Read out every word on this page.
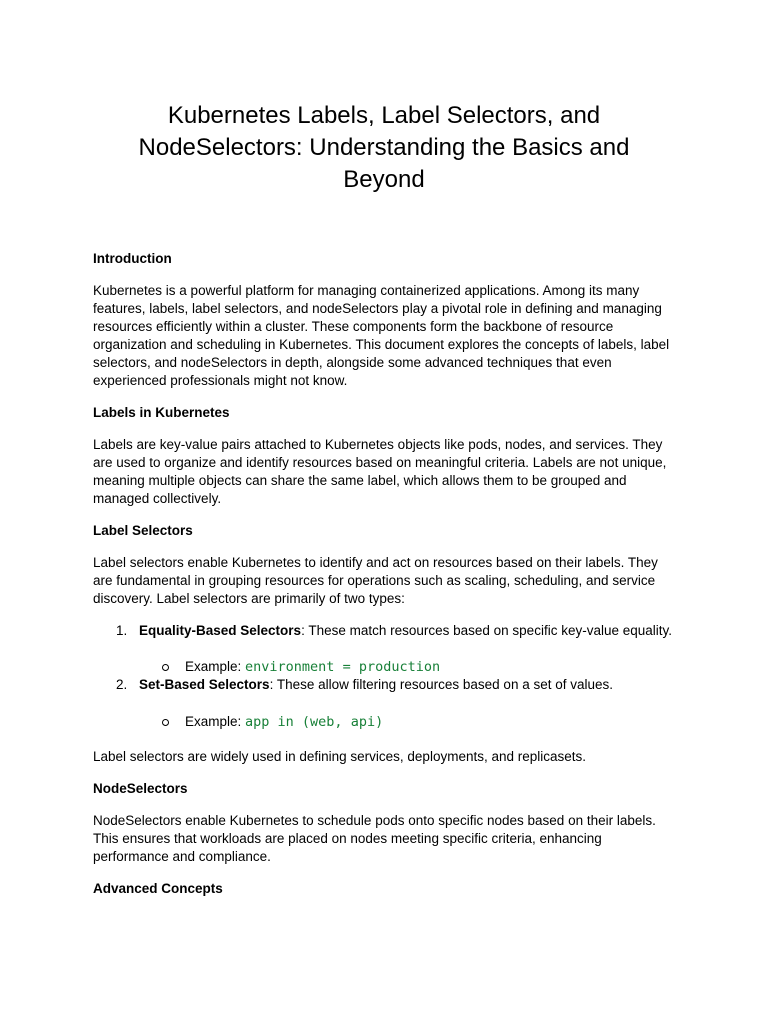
Kubernetes Labels, Label Selectors, and NodeSelectors: Understanding the Basics and Beyond
Introduction

Kubernetes is a powerful platform for managing containerized applications. Among its many features, labels, label selectors, and nodeSelectors play a pivotal role in defining and managing resources efficiently within a cluster. These components form the backbone of resource organization and scheduling in Kubernetes. This document explores the concepts of labels, label selectors, and nodeSelectors in depth, alongside some advanced techniques that even experienced professionals might not know.

Labels in Kubernetes

Labels are key-value pairs attached to Kubernetes objects like pods, nodes, and services. They are used to organize and identify resources based on meaningful criteria. Labels are not unique, meaning multiple objects can share the same label, which allows them to be grouped and managed collectively.

Label Selectors

Label selectors enable Kubernetes to identify and act on resources based on their labels. They are fundamental in grouping resources for operations such as scaling, scheduling, and service discovery. Label selectors are primarily of two types:

1. Equality-Based Selectors: These match resources based on specific key-value equality.
Example: environment = production
2. Set-Based Selectors: These allow filtering resources based on a set of values.
Example: app in (web, api)

Label selectors are widely used in defining services, deployments, and replicasets.

NodeSelectors

NodeSelectors enable Kubernetes to schedule pods onto specific nodes based on their labels. This ensures that workloads are placed on nodes meeting specific criteria, enhancing performance and compliance.

Advanced Concepts
